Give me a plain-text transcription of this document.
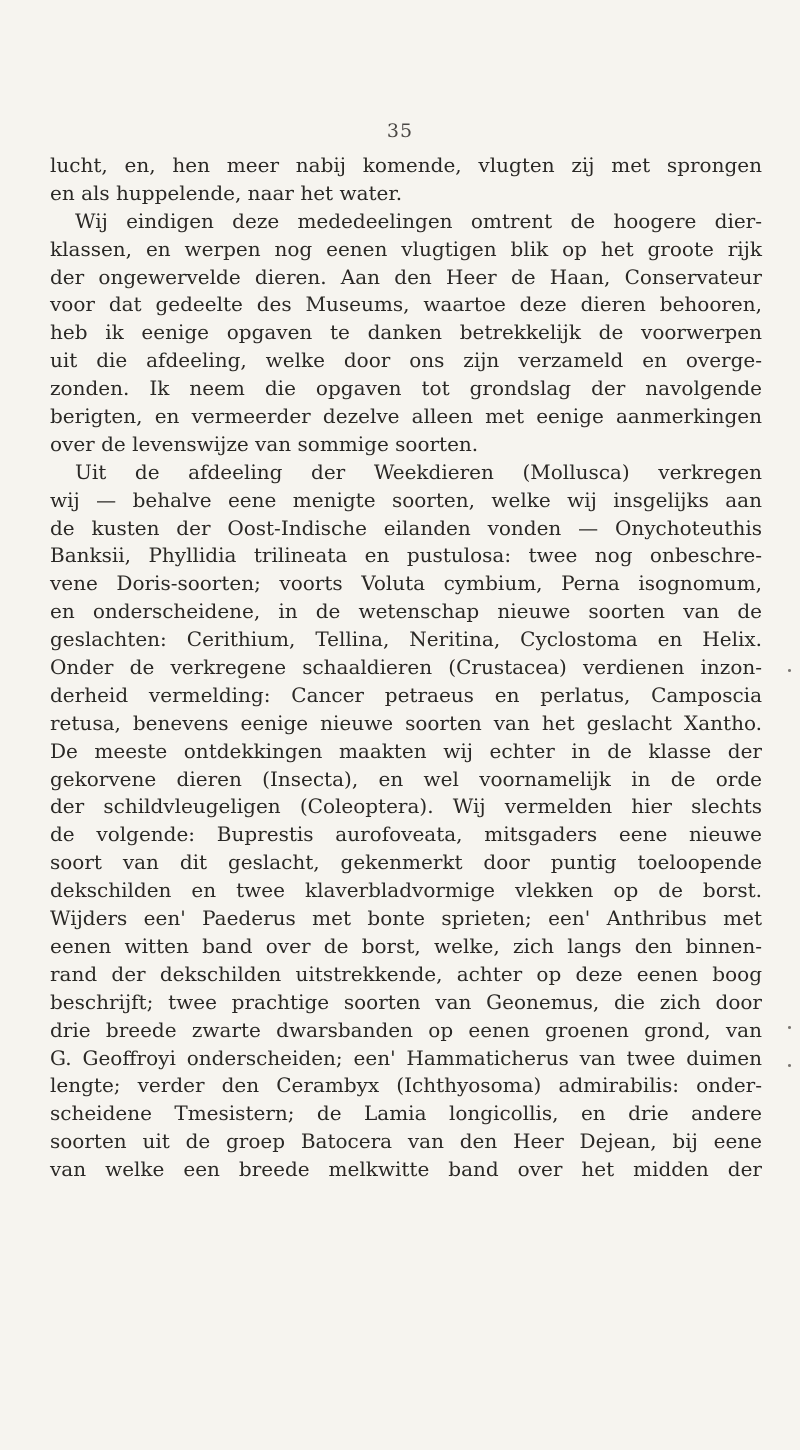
35
lucht, en, hen meer nabij komende, vlugten zij met sprongen
en als huppelende, naar het water.
Wij eindigen deze mededeelingen omtrent de hoogere dier-
klassen, en werpen nog eenen vlugtigen blik op het groote rijk
der ongewervelde dieren. Aan den Heer de Haan, Conservateur
voor dat gedeelte des Museums, waartoe deze dieren behooren,
heb ik eenige opgaven te danken betrekkelijk de voorwerpen
uit die afdeeling, welke door ons zijn verzameld en overge-
zonden. Ik neem die opgaven tot grondslag der navolgende
berigten, en vermeerder dezelve alleen met eenige aanmerkingen
over de levenswijze van sommige soorten.
Uit de afdeeling der Weekdieren (Mollusca) verkregen
wij — behalve eene menigte soorten, welke wij insgelijks aan
de kusten der Oost-Indische eilanden vonden — Onychoteuthis
Banksii, Phyllidia trilineata en pustulosa: twee nog onbeschre-
vene Doris-soorten; voorts Voluta cymbium, Perna isognomum,
en onderscheidene, in de wetenschap nieuwe soorten van de
geslachten: Cerithium, Tellina, Neritina, Cyclostoma en Helix.
Onder de verkregene schaaldieren (Crustacea) verdienen inzon-
derheid vermelding: Cancer petraeus en perlatus, Camposcia
retusa, benevens eenige nieuwe soorten van het geslacht Xantho.
De meeste ontdekkingen maakten wij echter in de klasse der
gekorvene dieren (Insecta), en wel voornamelijk in de orde
der schildvleugeligen (Coleoptera). Wij vermelden hier slechts
de volgende: Buprestis aurofoveata, mitsgaders eene nieuwe
soort van dit geslacht, gekenmerkt door puntig toeloopende
dekschilden en twee klaverbladvormige vlekken op de borst.
Wijders een' Paederus met bonte sprieten; een' Anthribus met
eenen witten band over de borst, welke, zich langs den binnen-
rand der dekschilden uitstrekkende, achter op deze eenen boog
beschrijft; twee prachtige soorten van Geonemus, die zich door
drie breede zwarte dwarsbanden op eenen groenen grond, van
G. Geoffroyi onderscheiden; een' Hammaticherus van twee duimen
lengte; verder den Cerambyx (Ichthyosoma) admirabilis: onder-
scheidene Tmesistern; de Lamia longicollis, en drie andere
soorten uit de groep Batocera van den Heer Dejean, bij eene
van welke een breede melkwitte band over het midden der
